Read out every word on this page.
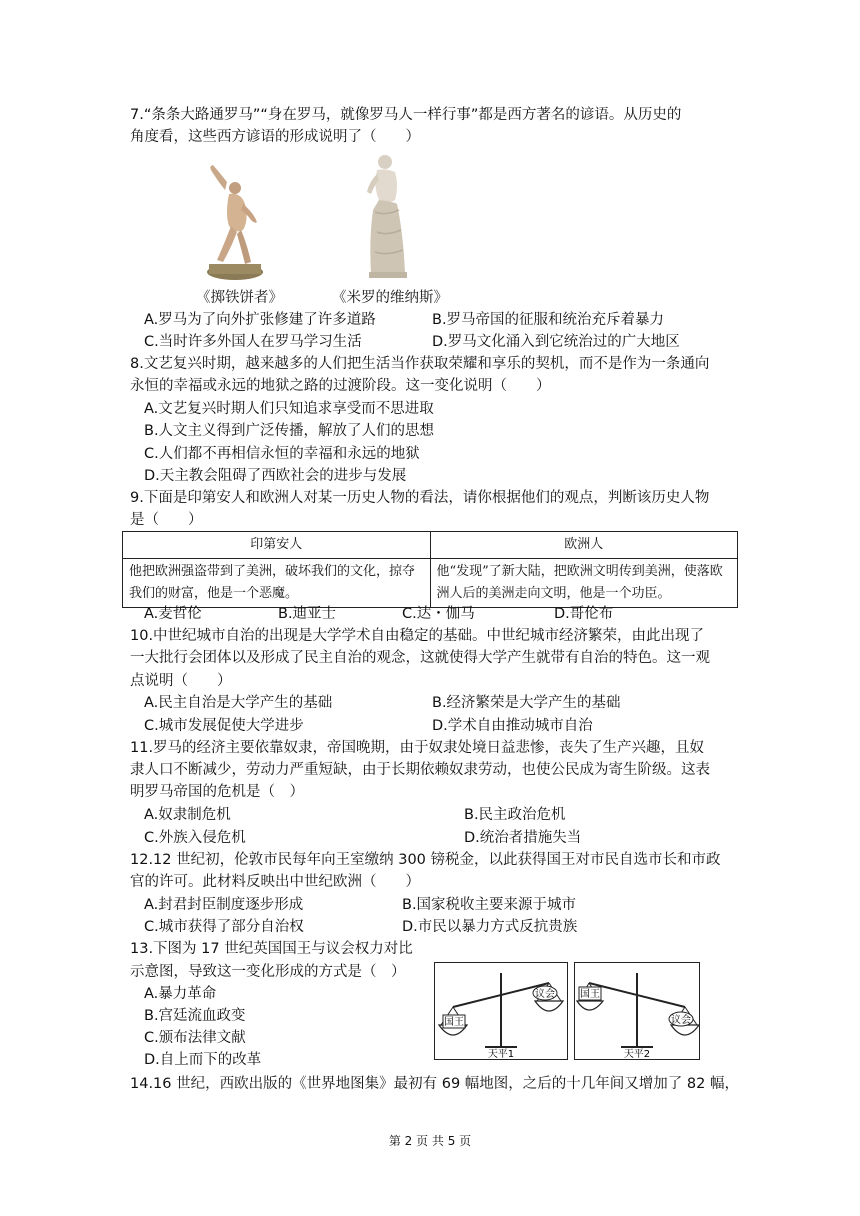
7.“条条大路通罗马”“身在罗马，就像罗马人一样行事”都是西方著名的谚语。从历史的
角度看，这些西方谚语的形成说明了（　　）
《掷铁饼者》	《米罗的维纳斯》
A.罗马为了向外扩张修建了许多道路	B.罗马帝国的征服和统治充斥着暴力
C.当时许多外国人在罗马学习生活	D.罗马文化涌入到它统治过的广大地区
8.文艺复兴时期，越来越多的人们把生活当作获取荣耀和享乐的契机，而不是作为一条通向
永恒的幸福或永远的地狱之路的过渡阶段。这一变化说明（　　）
A.文艺复兴时期人们只知追求享受而不思进取
B.人文主义得到广泛传播，解放了人们的思想
C.人们都不再相信永恒的幸福和永远的地狱
D.天主教会阻碍了西欧社会的进步与发展
9.下面是印第安人和欧洲人对某一历史人物的看法，请你根据他们的观点，判断该历史人物
是（　　）
印第安人	欧洲人
他把欧洲强盗带到了美洲，破坏我们的文化，掠夺我们的财富，他是一个恶魔。	他“发现”了新大陆，把欧洲文明传到美洲，使落欧洲人后的美洲走向文明，他是一个功臣。
A.麦哲伦	B.迪亚士	C.达・伽马	D.哥伦布
10.中世纪城市自治的出现是大学学术自由稳定的基础。中世纪城市经济繁荣，由此出现了
一大批行会团体以及形成了民主自治的观念，这就使得大学产生就带有自治的特色。这一观
点说明（　　）
A.民主自治是大学产生的基础	B.经济繁荣是大学产生的基础
C.城市发展促使大学进步	D.学术自由推动城市自治
11.罗马的经济主要依靠奴隶，帝国晚期，由于奴隶处境日益悲惨，丧失了生产兴趣，且奴
隶人口不断减少，劳动力严重短缺，由于长期依赖奴隶劳动，也使公民成为寄生阶级。这表
明罗马帝国的危机是（　）
A.奴隶制危机	B.民主政治危机
C.外族入侵危机	D.统治者措施失当
12.12 世纪初，伦敦市民每年向王室缴纳 300 镑税金，以此获得国王对市民自选市长和市政
官的许可。此材料反映出中世纪欧洲（　　）
A.封君封臣制度逐步形成	B.国家税收主要来源于城市
C.城市获得了部分自治权	D.市民以暴力方式反抗贵族
13.下图为 17 世纪英国国王与议会权力对比
示意图，导致这一变化形成的方式是（　）
A.暴力革命
B.宫廷流血政变
C.颁布法律文献
D.自上而下的改革
国王
议会
天平1
国王
议会
天平2
14.16 世纪，西欧出版的《世界地图集》最初有 69 幅地图，之后的十几年间又增加了 82 幅，
第 2 页 共 5 页
